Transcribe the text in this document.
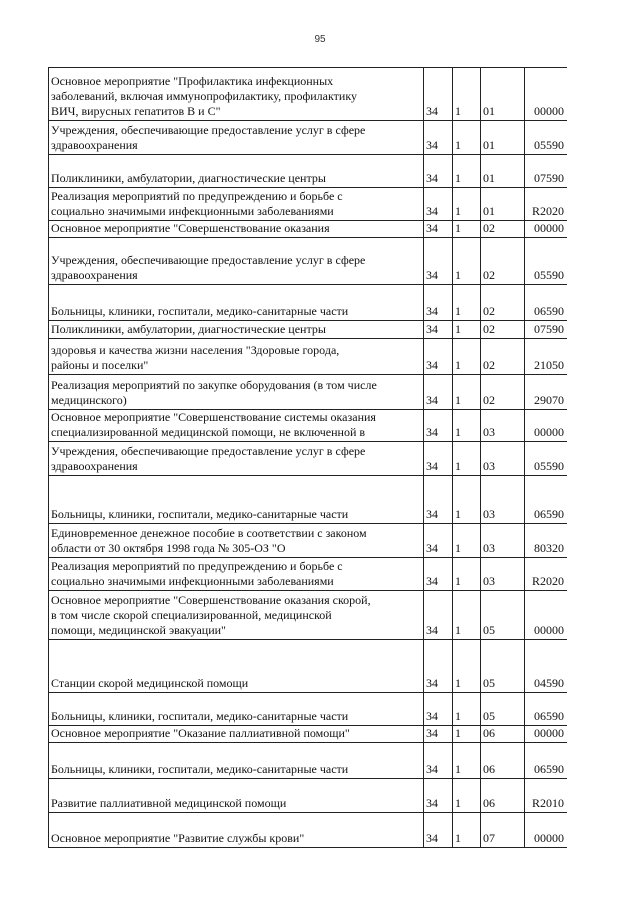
95
Основное мероприятие "Профилактика инфекционных
заболеваний, включая иммунопрофилактику, профилактику
ВИЧ, вирусных гепатитов В и С"	34	1	01	00000
Учреждения, обеспечивающие предоставление услуг в сфере
здравоохранения	34	1	01	05590
Поликлиники, амбулатории, диагностические центры	34	1	01	07590
Реализация мероприятий по предупреждению и борьбе с
социально значимыми инфекционными заболеваниями	34	1	01	R2020
Основное мероприятие "Совершенствование оказания	34	1	02	00000
Учреждения, обеспечивающие предоставление услуг в сфере
здравоохранения	34	1	02	05590
Больницы, клиники, госпитали, медико-санитарные части	34	1	02	06590
Поликлиники, амбулатории, диагностические центры	34	1	02	07590
здоровья и качества жизни населения "Здоровые города,
районы и поселки"	34	1	02	21050
Реализация мероприятий по закупке оборудования (в том числе
медицинского)	34	1	02	29070
Основное мероприятие "Совершенствование системы оказания
специализированной медицинской помощи, не включенной в	34	1	03	00000
Учреждения, обеспечивающие предоставление услуг в сфере
здравоохранения	34	1	03	05590
Больницы, клиники, госпитали, медико-санитарные части	34	1	03	06590
Единовременное денежное пособие в соответствии с законом
области от 30 октября 1998 года № 305-ОЗ "О	34	1	03	80320
Реализация мероприятий по предупреждению и борьбе с
социально значимыми инфекционными заболеваниями	34	1	03	R2020
Основное мероприятие "Совершенствование оказания скорой,
в том числе скорой специализированной, медицинской
помощи, медицинской эвакуации"	34	1	05	00000
Станции скорой медицинской помощи	34	1	05	04590
Больницы, клиники, госпитали, медико-санитарные части	34	1	05	06590
Основное мероприятие "Оказание паллиативной помощи"	34	1	06	00000
Больницы, клиники, госпитали, медико-санитарные части	34	1	06	06590
Развитие паллиативной медицинской помощи	34	1	06	R2010
Основное мероприятие "Развитие службы крови"	34	1	07	00000
